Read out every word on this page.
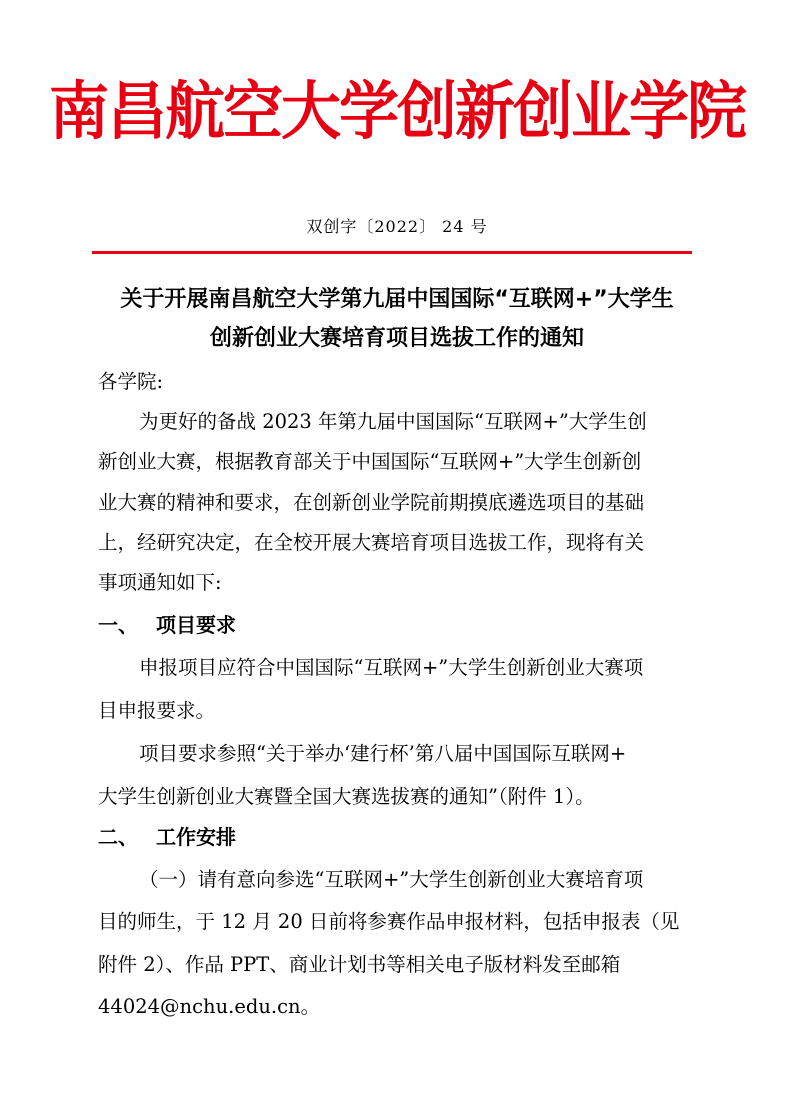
南昌航空大学创新创业学院
双创字〔2022〕 24 号
关于开展南昌航空大学第九届中国国际“互联网+”大学生
创新创业大赛培育项目选拔工作的通知
各学院:
为更好的备战 2023 年第九届中国国际“互联网+”大学生创
新创业大赛，根据教育部关于中国国际“互联网+”大学生创新创
业大赛的精神和要求，在创新创业学院前期摸底遴选项目的基础
上，经研究决定，在全校开展大赛培育项目选拔工作，现将有关
事项通知如下:
一、 项目要求
申报项目应符合中国国际“互联网+”大学生创新创业大赛项
目申报要求。
项目要求参照“关于举办‘建行杯’第八届中国国际互联网+
大学生创新创业大赛暨全国大赛选拔赛的通知”（附件 1）。
二、 工作安排
（一）请有意向参选“互联网+”大学生创新创业大赛培育项
目的师生，于 12 月 20 日前将参赛作品申报材料，包括申报表（见
附件 2）、作品 PPT、商业计划书等相关电子版材料发至邮箱
44024@nchu.edu.cn。
